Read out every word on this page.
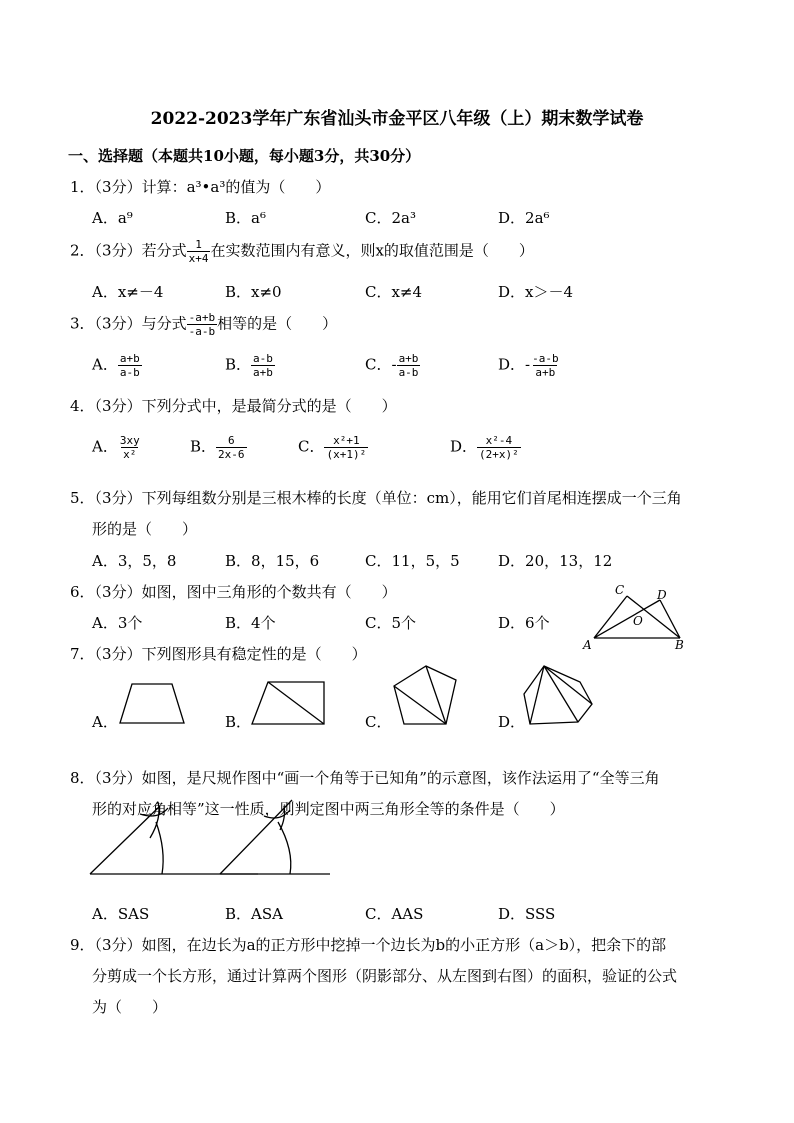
2022-2023学年广东省汕头市金平区八年级（上）期末数学试卷
一、选择题（本题共10小题，每小题3分，共30分）
1．（3分）计算：a³•a³的值为（　　）
A．a⁹	B．a⁶	C．2a³	D．2a⁶
2．（3分）若分式 $\frac{1}{x+4}$ 在实数范围内有意义，则x的取值范围是（　　）
A．x≠－4	B．x≠0	C．x≠4	D．x＞－4
3．（3分）与分式 $\frac{-a+b}{-a-b}$ 相等的是（　　）
A． $\frac{a+b}{a-b}$	B． $\frac{a-b}{a+b}$	C．- $\frac{a+b}{a-b}$	D．- $\frac{-a-b}{a+b}$
4．（3分）下列分式中，是最简分式的是（　　）
A． $\frac{3xy}{\text{x²}}$	B． $\frac{6}{2x-6}$	C． $\frac{\text{x²+1}}{\text{(x+1)²}}$	D． $\frac{\text{x²-4}}{\text{(2+x)²}}$
5．（3分）下列每组数分别是三根木棒的长度（单位：cm），能用它们首尾相连摆成一个三角
形的是（　　）
A．3，5，8	B．8，15，6	C．11，5，5	D．20，13，12
6．（3分）如图，图中三角形的个数共有（　　）
A．3个	B．4个	C．5个	D．6个
A	B
C	D
O
7．（3分）下列图形具有稳定性的是（　　）
A．	B．	C．	D．
8．（3分）如图，是尺规作图中“画一个角等于已知角”的示意图，该作法运用了“全等三角
形的对应角相等”这一性质，则判定图中两三角形全等的条件是（　　）
A．SAS	B．ASA	C．AAS	D．SSS
9．（3分）如图，在边长为a的正方形中挖掉一个边长为b的小正方形（a＞b），把余下的部
分剪成一个长方形，通过计算两个图形（阴影部分、从左图到右图）的面积，验证的公式
为（　　）
